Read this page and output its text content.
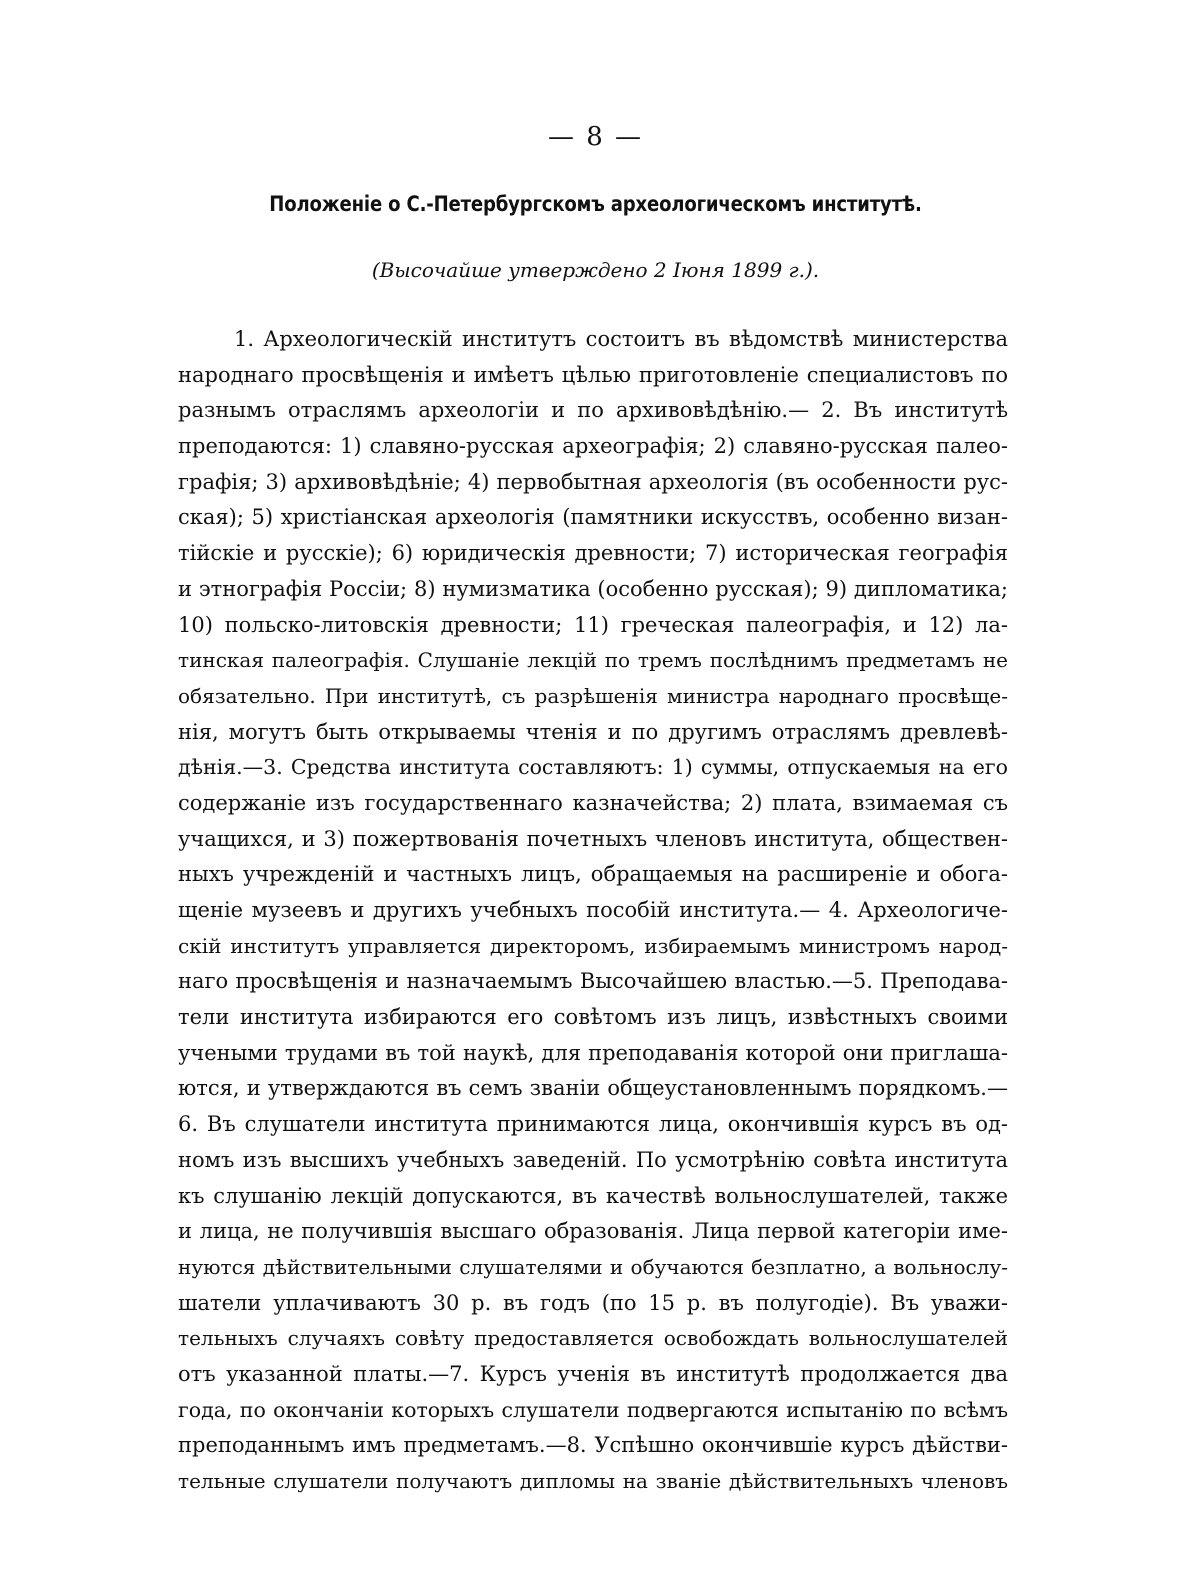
— 8 —
Положеніе о С.-Петербургскомъ археологическомъ институтѣ.
(Высочайше утверждено 2 Іюня 1899 г.).
1. Археологическій институтъ состоитъ въ вѣдомствѣ министерства
народнаго просвѣщенія и имѣетъ цѣлью приготовленіе специалистовъ по
разнымъ отраслямъ археологіи и по архивовѣдѣнію.— 2. Въ институтѣ
преподаются: 1) славяно-русская археографія; 2) славяно-русская палео-
графія; 3) архивовѣдѣніе; 4) первобытная археологія (въ особенности рус-
ская); 5) христіанская археологія (памятники искусствъ, особенно визан-
тійскіе и русскіе); 6) юридическія древности; 7) историческая географія
и этнографія Россіи; 8) нумизматика (особенно русская); 9) дипломатика;
10) польско-литовскія древности; 11) греческая палеографія, и 12) ла-
тинская палеографія. Слушаніе лекцій по тремъ послѣднимъ предметамъ не
обязательно. При институтѣ, съ разрѣшенія министра народнаго просвѣще-
нія, могутъ быть открываемы чтенія и по другимъ отраслямъ древлевѣ-
дѣнія.—3. Средства института составляютъ: 1) суммы, отпускаемыя на его
содержаніе изъ государственнаго казначейства; 2) плата, взимаемая съ
учащихся, и 3) пожертвованія почетныхъ членовъ института, обществен-
ныхъ учрежденій и частныхъ лицъ, обращаемыя на расширеніе и обога-
щеніе музеевъ и другихъ учебныхъ пособій института.— 4. Археологиче-
скій институтъ управляется директоромъ, избираемымъ министромъ народ-
наго просвѣщенія и назначаемымъ Высочайшею властью.—5. Преподава-
тели института избираются его совѣтомъ изъ лицъ, извѣстныхъ своими
учеными трудами въ той наукѣ, для преподаванія которой они приглаша-
ются, и утверждаются въ семъ званіи общеустановленнымъ порядкомъ.—
6. Въ слушатели института принимаются лица, окончившія курсъ въ од-
номъ изъ высшихъ учебныхъ заведеній. По усмотрѣнію совѣта института
къ слушанію лекцій допускаются, въ качествѣ вольнослушателей, также
и лица, не получившія высшаго образованія. Лица первой категоріи име-
нуются дѣйствительными слушателями и обучаются безплатно, а вольнослу-
шатели уплачиваютъ 30 р. въ годъ (по 15 р. въ полугодіе). Въ уважи-
тельныхъ случаяхъ совѣту предоставляется освобождать вольнослушателей
отъ указанной платы.—7. Курсъ ученія въ институтѣ продолжается два
года, по окончаніи которыхъ слушатели подвергаются испытанію по всѣмъ
преподаннымъ имъ предметамъ.—8. Успѣшно окончившіе курсъ дѣйстви-
тельные слушатели получаютъ дипломы на званіе дѣйствительныхъ членовъ
